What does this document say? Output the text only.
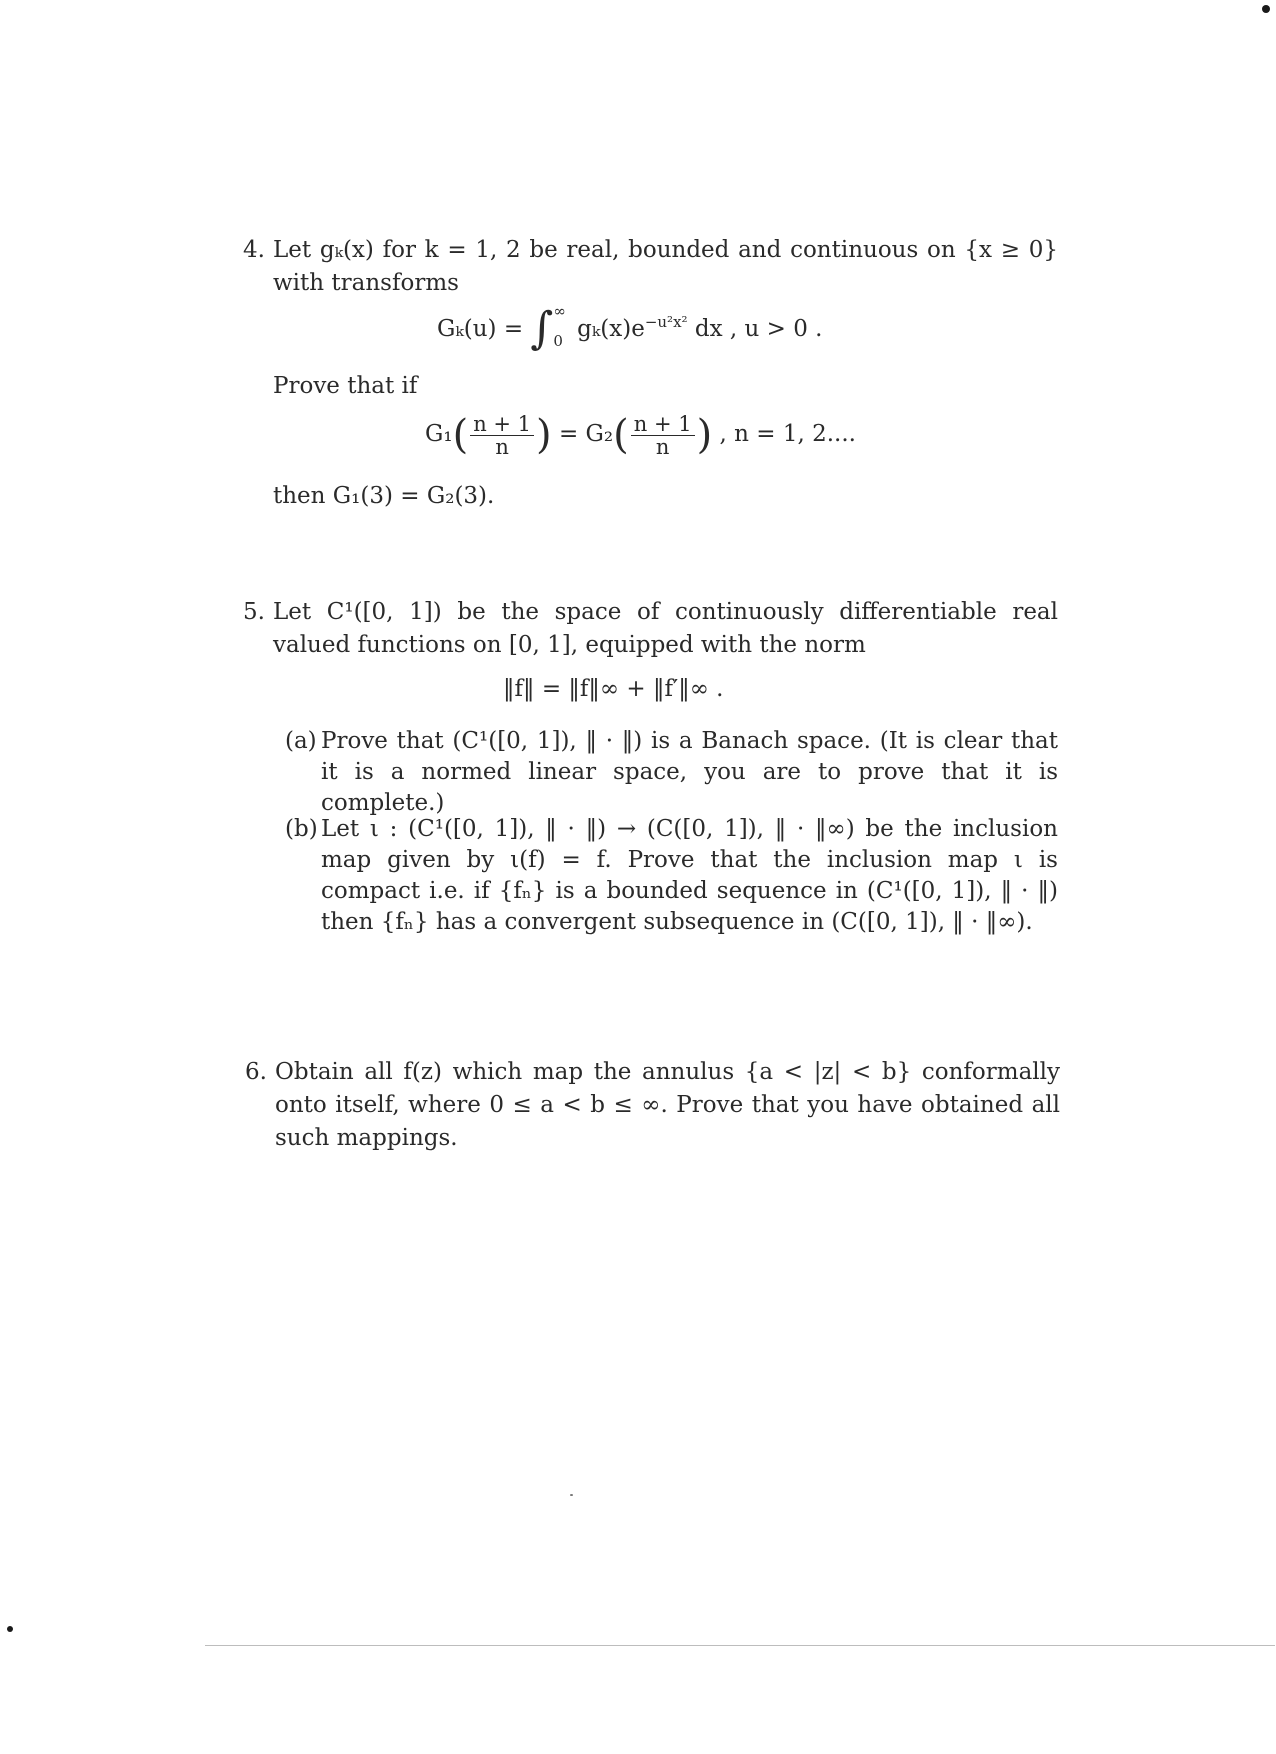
4. Let gₖ(x) for k = 1, 2 be real, bounded and continuous on {x ≥ 0} with transforms
Gₖ(u) = ∫ ∞
0 $g_k(x)e^{-u^2x^2}$ dx , u > 0 .
Prove that if
$G_1( \frac{n + 1}{n}$ ) = $G_2( \frac{n + 1}{n}$ ) , n = 1, 2....
then G₁(3) = G₂(3).
5. Let C¹([0, 1]) be the space of continuously differentiable real valued functions on [0, 1], equipped with the norm
‖f‖ = ‖f‖∞ + ‖f′‖∞ .
(a) Prove that (C¹([0, 1]), ‖ · ‖) is a Banach space. (It is clear that it is a normed linear space, you are to prove that it is complete.)
(b) Let ι : (C¹([0, 1]), ‖ · ‖) → (C([0, 1]), ‖ · ‖∞) be the inclusion map given by ι(f) = f. Prove that the inclusion map ι is compact i.e. if {fₙ} is a bounded sequence in (C¹([0, 1]), ‖ · ‖) then {fₙ} has a convergent subsequence in (C([0, 1]), ‖ · ‖∞).
6. Obtain all f(z) which map the annulus {a < |z| < b} conformally onto itself, where 0 ≤ a < b ≤ ∞. Prove that you have obtained all such mappings.
